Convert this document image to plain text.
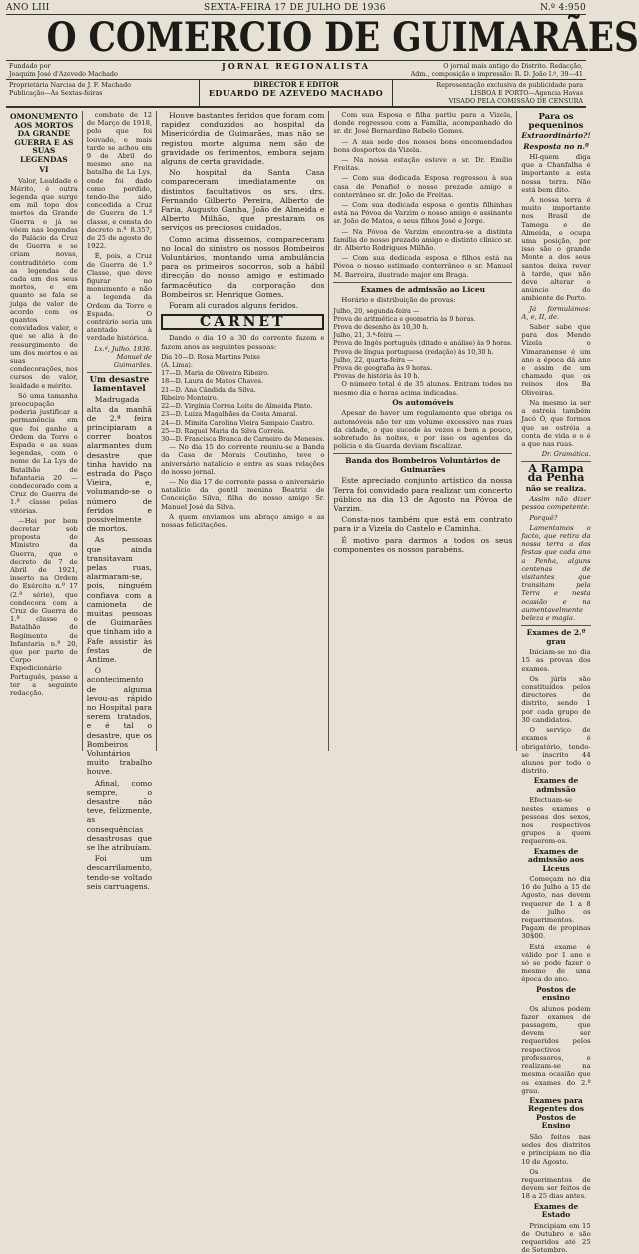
ANO LIII	SEXTA-FEIRA 17 DE JULHO DE 1936	N.º 4:950
O COMERCIO DE GUIMARÃES
Fundado por
Joaquim José d'Azevedo Machado
JORNAL REGIONALISTA	O jornal mais antigo do Distrito. Redacção,
Adm., composição e impressão: R. D. João I.º, 39—41
Proprietária Narcisa de J. F. Machado
Publicação—Às Sextas-feiras
DIRECTOR E EDITOR
EDUARDO DE AZEVEDO MACHADO
Representação exclusiva de publicidade para
LISBOA E PORTO—Agencia Havas
VISADO PELA COMISSÃO DE CENSURA
OMONUMENTO AOS MORTOS DA GRANDE GUERRA E AS SUAS LEGENDAS
VI

Valor, Lealdade e Mérito, é outra legenda que surge em mil topo dos mortos da Grande Guerra e já se vêem nas legendas do Palácio da Cruz de Guerra e se criam novas, contraditório com as legendas de cada um dos seus mortos, e em quanto se fala se julga de valor de acordo com os quantos convidados valer, e que se alia à do ressurgimento de um dos mortos e as suas condecorações, nos cursos de valor, lealdade e mérito.

Só uma tamanha preocupação poderia justificar a permanência em que foi ganho a Ordem da Torre e Espada e as suas legendas, com o nome de La Lys do Batalhão de Infantaria 20 — condecorado com a Cruz de Guerra de 1.ª classe pelas vitórias.

—Hei por bem decretar sob proposta do Ministro da Guerra, que o decreto de 7 de Abril de 1921, inserto na Ordem do Exército n.º 17 (2.ª série), que condecora com a Cruz de Guerra de 1.ª classe o Batalhão de Regimento de Infantaria n.º 20, que por parte do Corpo Expedicionário Português, passe a ter a seguinte redacção.

combate de 12 de Março de 1918, pelo que foi louvado, e mais tarde se achou em 9 de Abril do mesmo ano na batalha de La Lys, onde foi dado como perdido, tendo-lhe sido concedida a Cruz de Guerra de 1.ª classe, e consta do decreto n.º 8.357, de 25 de agosto de 1922.

É, pois, a Cruz de Guerra de 1.ª Classe, que deve figurar no monumento e não a legenda da Ordem da Torre e Espada. O contrário seria um atentado à verdade histórica.

Lx.ª, Julho. 1936.
Manuel de Guimarães.
Um desastre lamentavel

Madrugada alta da manhã de 2.ª feira principiaram a correr boatos alarmantes dum desastre que tinha havido na estrada do Paço Vieira, e, volumando-se o número de feridos e possivelmente de mortos.

As pessoas que ainda transitavam pelas ruas, alarmaram-se, pois, ninguém confiava com a camioneta de muitas pessoas de Guimarães que tinham ido a Fafe assistir às festas de Antime.

O acontecimento de alguma levou-as rápido no Hospital para serem tratados, e é tal o desastre, que os Bombeiros Voluntários muito trabalho houve.

Afinal, como sempre, o desastre não teve, felizmente, as consequências desastrosas que se lhe atribuíam.

Foi um descarrilamento, tendo-se voltado seis carruagens.

Houve bastantes feridos que foram com rapidez conduzidos ao hospital da Misericórdia de Guimarães, mas não se registou morte alguma nem são de gravidade os ferimentos, embora sejam alguns de certa gravidade.

No hospital da Santa Casa compareceram imediatamente os distintos facultativos os srs. drs. Fernando Gilberto Pereira, Alberto de Faria, Augusto Ganha, João de Almeida e Alberto Milhão, que prestaram os serviços os preciosos cuidados.

Como acima dissemos, compareceram no local do sinistro os nossos Bombeiros Voluntários, montando uma ambulância para os primeiros socorros, sob a hábil direcção do nosso amigo e estimado farmacêutico da corporação dos Bombeiros sr. Henrique Gomes.

Foram ali curados alguns feridos.

CARNET

Dando o dia 10 a 30 do corrente fazem e fazem anos as seguintes pessoas:

Dia 10—D. Rosa Martins Peixe
(A. Lima).
17—D. Maria de Oliveira Ribeiro.
18—D. Laura de Matos Chaves.
21—D. Ana Cândida da Silva.
Ribeiro Monteiro.
22—D. Virgínia Correa Leite de Almeida Pinto.
23—D. Luiza Magalhães da Costa Amaral.
24—D. Mimita Carolina Vieira Sampaio Castro.
25—D. Raquel Maria da Silva Correia.
30—D. Francisca Branca de Carneiro de Meneses.

— No dia 15 do corrente reuniu-se a Banda da Casa de Morais Coutinho, teve o aniversário natalício e entre as suas relações do nosso jornal.

— No dia 17 de corrente passa o aniversário natalício da gentil menina Beatriz de Conceição Silva, filha do nosso amigo Sr. Manuel José da Silva.

A quem enviamos um abraço amigo e as nossas felicitações.

Com sua Esposa e filha partiu para a Vizela, donde regressou com a Família, acompanhado do sr. dr. José Bernardino Rebelo Gomes.

— A sua sede dos nossos bons encomendados bons desportos da Vizela.

— Na nossa estação esteve o sr. Dr. Emílio Freitas.

— Com sua dedicada Esposa regressou à sua casa de Penafiel o nosso prezado amigo e conterrâneo sr. dr. João de Freitas.

— Com sua dedicada esposa e gentis filhinhas está na Póvoa de Varzim o nosso amigo e assinante sr. João de Matos, e seus filhos José e Jorge.

— Na Póvoa de Varzim encontra-se a distinta família do nosso prezado amigo e distinto clínico sr. dr. Alberto Rodrigues Milhão.

— Com sua dedicada esposa e filhos está na Póvoa o nosso estimado conterrâneo o sr. Manuel M. Barreira, ilustrado major em Braga.

Exames de admissão ao Liceu

Horário e distribuição de provas:

Julho, 20, segunda-feira —
Prova de aritmética e geometria às 9 horas.
Prova de desenho às 10,30 h.
Julho, 21, 3.ª-feira —
Prova de Ingês português (ditado e análise) às 9 horas.
Prova de língua portuguesa (redação) às 10,30 h.
Julho, 22, quarta-feira —
Prova de geografia às 9 horas.
Provas de história às 10 h.

O número total é de 35 alunos. Entram todos no mesmo dia e horas acima indicadas.

Os automóveis

Apesar de haver um regulamento que obriga os automóveis não ter um volume excessivo nas ruas da cidade, o que sucede às vezes e bem a pouco, sobretudo às noites, e por isso os agentes da polícia e da Guarda deviam fiscalizar.

Banda dos Bombeiros Voluntários de Guimarães

Este apreciado conjunto artístico da nossa Terra foi convidado para realizar um concerto público na dia 13 de Agosto na Póvoa de Varzim.

Consta-nos também que está em contrato para ir a Vizela do Castelo e Caminha.

É motivo para darmos a todos os seus componentes os nossos parabéns.

Para os pequeninos
Extraordinário?!
Resposta no n.º

Hl-quem diga que a Chanfalha é importante a esta nossa terra. Não está bem dito.

A nossa terra é muito importante nos Brasil de Tamega e de Almeida, e ocupa uma posição, por isso são o grande Monte a dos seus santos deixa rever à tarde, que não deve alterar o anúncio do ambiente de Porto.

Já formulámos: A, e, II, de.

Saber sabe que para dos Mendo Vizela o Vimaranense é um ano a época dá ano e assim de um chamado que os reinos dos Ba Oliveiras.

Na mesmo ia ser a estreia também Jacó Ó, que formos que se estréia a conta de vida e o é a que nas ruas.

Dr. Gramática.
A Rampa da Penha
não se realiza.

Assim não dizer pessoa competente.

Porquê?

Lamentamos o facto, que retira da nossa terra a das festas que cada ano a Penha, alguns centenas de visitantes que transitam pela Terra e nesta ocasião e na aumentavelmente beleza e magia.

Exames de 2.º grau

Iniciam-se no dia 15 as provas dos exames.

Os júris são constituídos pelos directores de distrito, sendo 1 por cada grupo de 30 candidatos.

O serviço de exames é obrigatório, tendo-se inscrito 44 alunos por todo o distrito.

Exames de admissão

Efectuam-se nestes exames e pessoas dos sexos, nos respectivos grupos a quem requerem-os.

Exames de admissão aos Liceus

Começam no dia 16 de Julho a 15 de Agosto, nas devem requerer de 1 a 8 de julho os requerimentos. Pagam de propinas 30$00.

Está exame é válido por 1 ano e só se pode fazer o mesmo de uma época do ano.

Postos de ensino

Os alunos podem fazer exames de passagem, que devem ser requeridos pelos respectivos professores, e realizam-se na mesma ocasião que os exames do 2.º grau.

Exames para Regentes dos Postos de Ensino

São feitos nas sedes dos distritos e principiam no dia 10 de Agosto.

Os requerimentos de devem ser feitos de 18 a 25 dias antes.

Exames de Estado

Principiam em 15 de Outubro e são requeridos até 25 de Setembro.
